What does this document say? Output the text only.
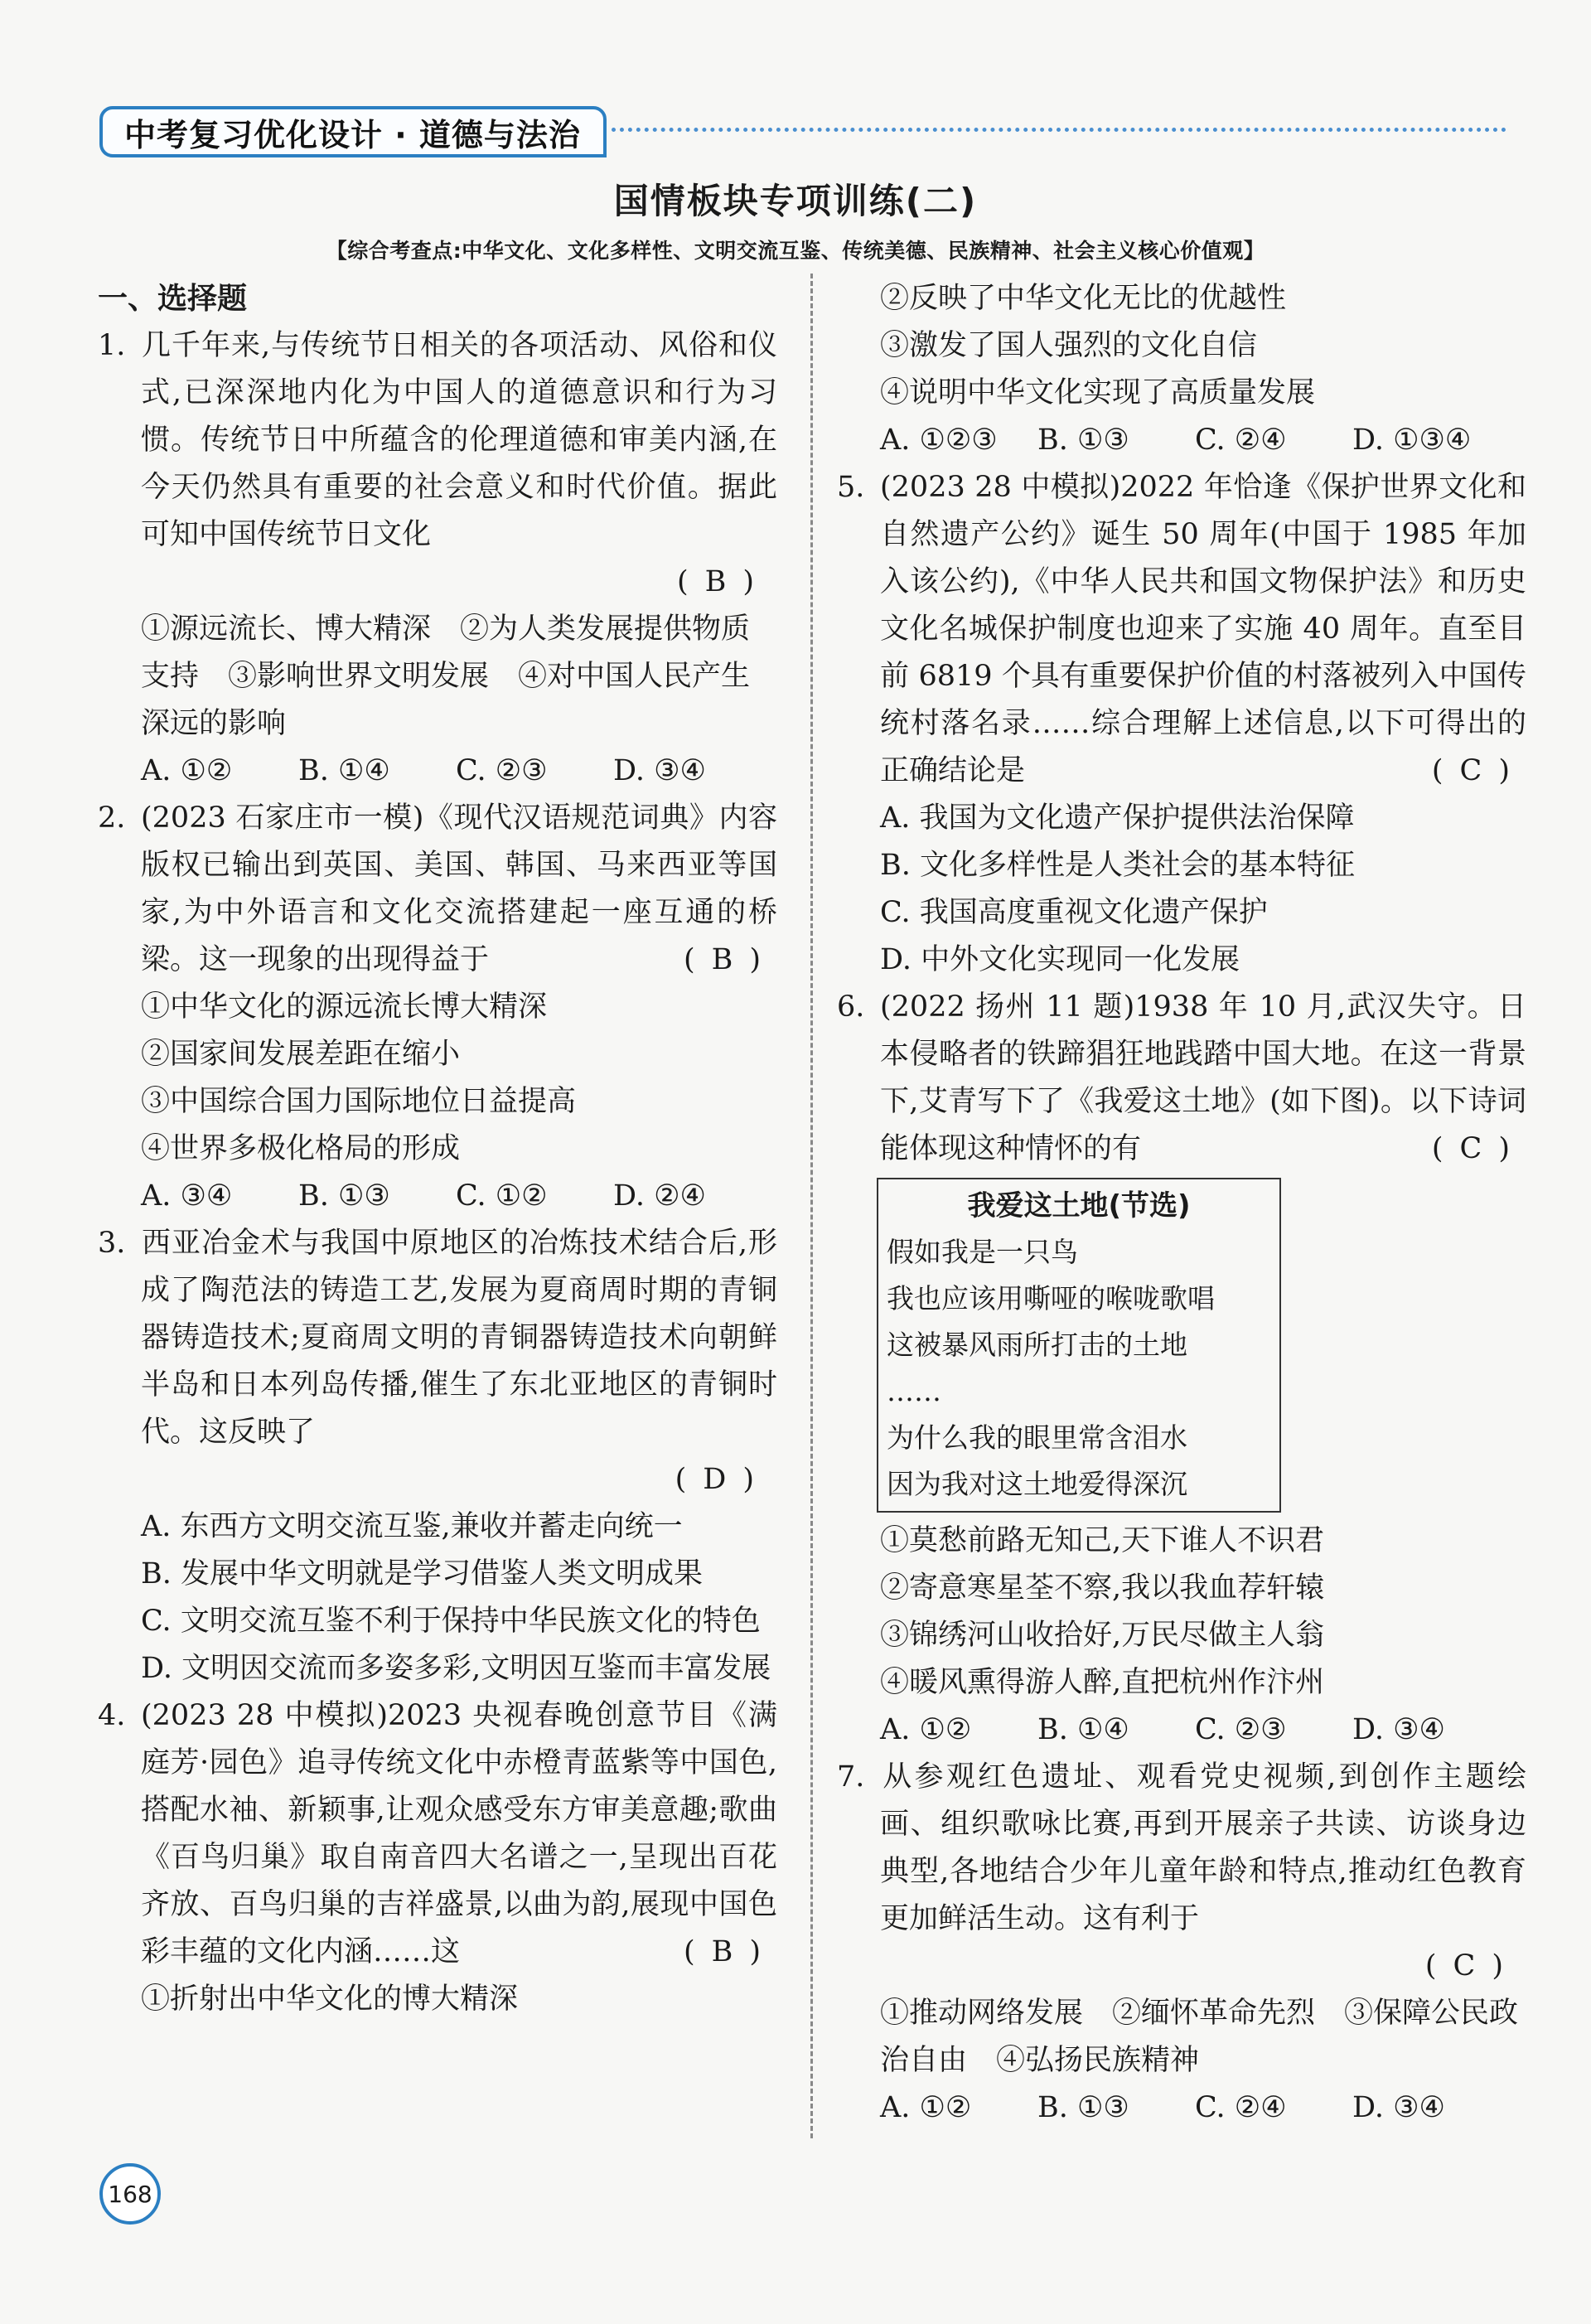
中考复习优化设计 · 道德与法治
国情板块专项训练(二)
【综合考查点:中华文化、文化多样性、文明交流互鉴、传统美德、民族精神、社会主义核心价值观】
一、选择题
1. 几千年来,与传统节日相关的各项活动、风俗和仪式,已深深地内化为中国人的道德意识和行为习惯。传统节日中所蕴含的伦理道德和审美内涵,在今天仍然具有重要的社会意义和时代价值。据此可知中国传统节日文化
(B)
①源远流长、博大精深　②为人类发展提供物质支持　③影响世界文明发展　④对中国人民产生深远的影响
A. ①②	B. ①④	C. ②③	D. ③④
2. (2023 石家庄市一模)《现代汉语规范词典》内容版权已输出到英国、美国、韩国、马来西亚等国家,为中外语言和文化交流搭建起一座互通的桥梁。这一现象的出现得益于	(B)
①中华文化的源远流长博大精深
②国家间发展差距在缩小
③中国综合国力国际地位日益提高
④世界多极化格局的形成
A. ③④	B. ①③	C. ①②	D. ②④
3. 西亚冶金术与我国中原地区的冶炼技术结合后,形成了陶范法的铸造工艺,发展为夏商周时期的青铜器铸造技术;夏商周文明的青铜器铸造技术向朝鲜半岛和日本列岛传播,催生了东北亚地区的青铜时代。这反映了
(D)
A. 东西方文明交流互鉴,兼收并蓄走向统一
B. 发展中华文明就是学习借鉴人类文明成果
C. 文明交流互鉴不利于保持中华民族文化的特色
D. 文明因交流而多姿多彩,文明因互鉴而丰富发展
4. (2023 28 中模拟)2023 央视春晚创意节目《满庭芳·园色》追寻传统文化中赤橙青蓝紫等中国色,搭配水袖、新颖事,让观众感受东方审美意趣;歌曲《百鸟归巢》取自南音四大名谱之一,呈现出百花齐放、百鸟归巢的吉祥盛景,以曲为韵,展现中国色彩丰蕴的文化内涵……这	(B)
①折射出中华文化的博大精深
②反映了中华文化无比的优越性
③激发了国人强烈的文化自信
④说明中华文化实现了高质量发展
A. ①②③	B. ①③	C. ②④	D. ①③④
5. (2023 28 中模拟)2022 年恰逢《保护世界文化和自然遗产公约》诞生 50 周年(中国于 1985 年加入该公约),《中华人民共和国文物保护法》和历史文化名城保护制度也迎来了实施 40 周年。直至目前 6819 个具有重要保护价值的村落被列入中国传统村落名录……综合理解上述信息,以下可得出的正确结论是	(C)
A. 我国为文化遗产保护提供法治保障
B. 文化多样性是人类社会的基本特征
C. 我国高度重视文化遗产保护
D. 中外文化实现同一化发展
6. (2022 扬州 11 题)1938 年 10 月,武汉失守。日本侵略者的铁蹄猖狂地践踏中国大地。在这一背景下,艾青写下了《我爱这土地》(如下图)。以下诗词能体现这种情怀的有	(C)
我爱这土地(节选)
假如我是一只鸟
我也应该用嘶哑的喉咙歌唱
这被暴风雨所打击的土地
……
为什么我的眼里常含泪水
因为我对这土地爱得深沉
①莫愁前路无知己,天下谁人不识君
②寄意寒星荃不察,我以我血荐轩辕
③锦绣河山收拾好,万民尽做主人翁
④暖风熏得游人醉,直把杭州作汴州
A. ①②	B. ①④	C. ②③	D. ③④
7. 从参观红色遗址、观看党史视频,到创作主题绘画、组织歌咏比赛,再到开展亲子共读、访谈身边典型,各地结合少年儿童年龄和特点,推动红色教育更加鲜活生动。这有利于
(C)
①推动网络发展　②缅怀革命先烈　③保障公民政治自由　④弘扬民族精神
A. ①②	B. ①③	C. ②④	D. ③④
168
